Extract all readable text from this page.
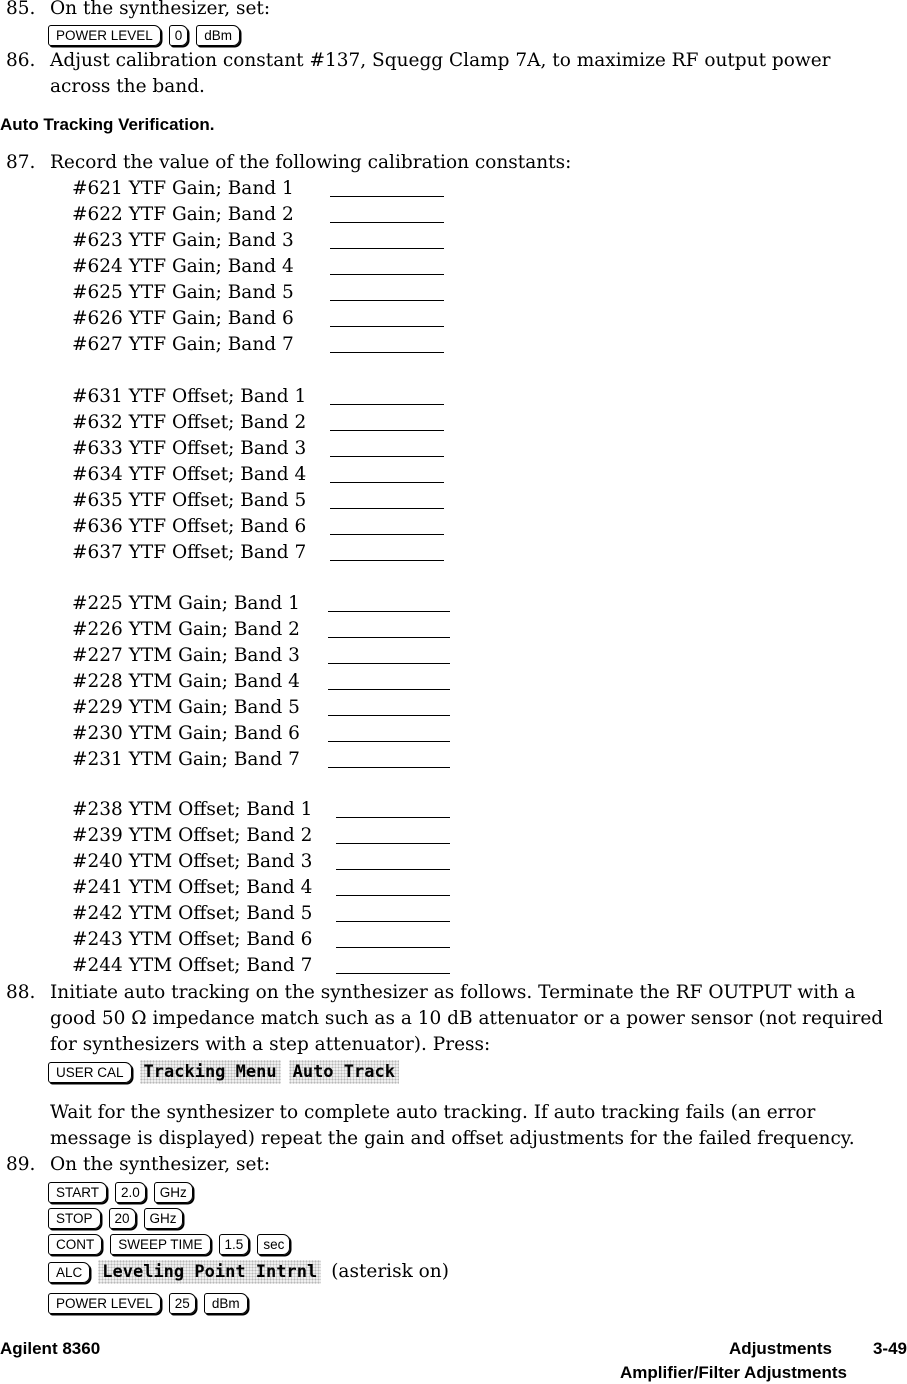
85. On the synthesizer, set:
POWER LEVEL	0	dBm
86. Adjust calibration constant #137, Squegg Clamp 7A, to maximize RF output power
across the band.
Auto Tracking Verification.
87. Record the value of the following calibration constants:
#621 YTF Gain; Band 1
#622 YTF Gain; Band 2
#623 YTF Gain; Band 3
#624 YTF Gain; Band 4
#625 YTF Gain; Band 5
#626 YTF Gain; Band 6
#627 YTF Gain; Band 7
#631 YTF Offset; Band 1
#632 YTF Offset; Band 2
#633 YTF Offset; Band 3
#634 YTF Offset; Band 4
#635 YTF Offset; Band 5
#636 YTF Offset; Band 6
#637 YTF Offset; Band 7
#225 YTM Gain; Band 1
#226 YTM Gain; Band 2
#227 YTM Gain; Band 3
#228 YTM Gain; Band 4
#229 YTM Gain; Band 5
#230 YTM Gain; Band 6
#231 YTM Gain; Band 7
#238 YTM Offset; Band 1
#239 YTM Offset; Band 2
#240 YTM Offset; Band 3
#241 YTM Offset; Band 4
#242 YTM Offset; Band 5
#243 YTM Offset; Band 6
#244 YTM Offset; Band 7
88. Initiate auto tracking on the synthesizer as follows. Terminate the RF OUTPUT with a
good 50 Ω impedance match such as a 10 dB attenuator or a power sensor (not required
for synthesizers with a step attenuator). Press:
USER CAL	Tracking Menu Auto Track
Wait for the synthesizer to complete auto tracking. If auto tracking fails (an error
message is displayed) repeat the gain and offset adjustments for the failed frequency.
89. On the synthesizer, set:
START	2.0	GHz
STOP	20	GHz
CONT	SWEEP TIME	1.5	sec
ALC	Leveling Point Intrnl (asterisk on)
POWER LEVEL	25	dBm
Agilent 8360	Adjustments 3-49
Amplifier/Filter Adjustments
